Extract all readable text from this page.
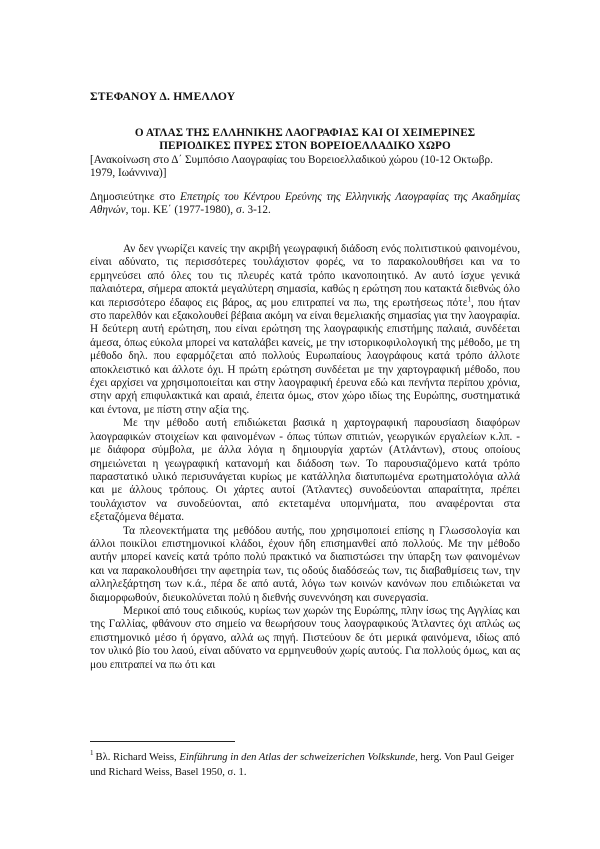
ΣΤΕΦΑΝΟΥ Δ. ΗΜΕΛΛΟΥ
Ο ΑΤΛΑΣ ΤΗΣ ΕΛΛΗΝΙΚΗΣ ΛΑΟΓΡΑΦΙΑΣ ΚΑΙ ΟΙ ΧΕΙΜΕΡΙΝΕΣ ΠΕΡΙΟΔΙΚΕΣ ΠΥΡΕΣ ΣΤΟΝ ΒΟΡΕΙΟΕΛΛΑΔΙΚΟ ΧΩΡΟ
[Ανακοίνωση στο Δ΄ Συμπόσιο Λαογραφίας του Βορειοελλαδικού χώρου (10-12 Οκτωβρ. 1979, Ιωάννινα)]
Δημοσιεύτηκε στο Επετηρίς του Κέντρου Ερεύνης της Ελληνικής Λαογραφίας της Ακαδημίας Αθηνών, τομ. ΚΕ΄ (1977-1980), σ. 3-12.

Αν δεν γνωρίζει κανείς την ακριβή γεωγραφική διάδοση ενός πολιτιστικού φαινομένου, είναι αδύνατο, τις περισσότερες τουλάχιστον φορές, να το παρακολουθήσει και να το ερμηνεύσει από όλες του τις πλευρές κατά τρόπο ικανοποιητικό. Αν αυτό ίσχυε γενικά παλαιότερα, σήμερα αποκτά μεγαλύτερη σημασία, καθώς η ερώτηση που κατακτά διεθνώς όλο και περισσότερο έδαφος εις βάρος, ας μου επιτραπεί να πω, της ερωτήσεως πότε$^1$, που ήταν στο παρελθόν και εξακολουθεί βέβαια ακόμη να είναι θεμελιακής σημασίας για την λαογραφία. Η δεύτερη αυτή ερώτηση, που είναι ερώτηση της λαογραφικής επιστήμης παλαιά, συνδέεται άμεσα, όπως εύκολα μπορεί να καταλάβει κανείς, με την ιστορικοφιλολογική της μέθοδο, με τη μέθοδο δηλ. που εφαρμόζεται από πολλούς Ευρωπαίους λαογράφους κατά τρόπο άλλοτε αποκλειστικό και άλλοτε όχι. Η πρώτη ερώτηση συνδέεται με την χαρτογραφική μέθοδο, που έχει αρχίσει να χρησιμοποιείται και στην λαογραφική έρευνα εδώ και πενήντα περίπου χρόνια, στην αρχή επιφυλακτικά και αραιά, έπειτα όμως, στον χώρο ιδίως της Ευρώπης, συστηματικά και έντονα, με πίστη στην αξία της.

Με την μέθοδο αυτή επιδιώκεται βασικά η χαρτογραφική παρουσίαση διαφόρων λαογραφικών στοιχείων και φαινομένων - όπως τύπων σπιτιών, γεωργικών εργαλείων κ.λπ. - με διάφορα σύμβολα, με άλλα λόγια η δημιουργία χαρτών (Ατλάντων), στους οποίους σημειώνεται η γεωγραφική κατανομή και διάδοση των. Το παρουσιαζόμενο κατά τρόπο παραστατικό υλικό περισυνάγεται κυρίως με κατάλληλα διατυπωμένα ερωτηματολόγια αλλά και με άλλους τρόπους. Οι χάρτες αυτοί (Άτλαντες) συνοδεύονται απαραίτητα, πρέπει τουλάχιστον να συνοδεύονται, από εκτεταμένα υπομνήματα, που αναφέρονται στα εξεταζόμενα θέματα.

Τα πλεονεκτήματα της μεθόδου αυτής, που χρησιμοποιεί επίσης η Γλωσσολογία και άλλοι ποικίλοι επιστημονικοί κλάδοι, έχουν ήδη επισημανθεί από πολλούς. Με την μέθοδο αυτήν μπορεί κανείς κατά τρόπο πολύ πρακτικό να διαπιστώσει την ύπαρξη των φαινομένων και να παρακολουθήσει την αφετηρία των, τις οδούς διαδόσεώς των, τις διαβαθμίσεις των, την αλληλεξάρτηση των κ.ά., πέρα δε από αυτά, λόγω των κοινών κανόνων που επιδιώκεται να διαμορφωθούν, διευκολύνεται πολύ η διεθνής συνεννόηση και συνεργασία.

Μερικοί από τους ειδικούς, κυρίως των χωρών της Ευρώπης, πλην ίσως της Αγγλίας και της Γαλλίας, φθάνουν στο σημείο να θεωρήσουν τους λαογραφικούς Άτλαντες όχι απλώς ως επιστημονικό μέσο ή όργανο, αλλά ως πηγή. Πιστεύουν δε ότι μερικά φαινόμενα, ιδίως από τον υλικό βίο του λαού, είναι αδύνατο να ερμηνευθούν χωρίς αυτούς. Για πολλούς όμως, και ας μου επιτραπεί να πω ότι και

$^1$ Βλ. Richard Weiss, Einführung in den Atlas der schweizerichen Volkskunde, herg. Von Paul Geiger und Richard Weiss, Basel 1950, σ. 1.
